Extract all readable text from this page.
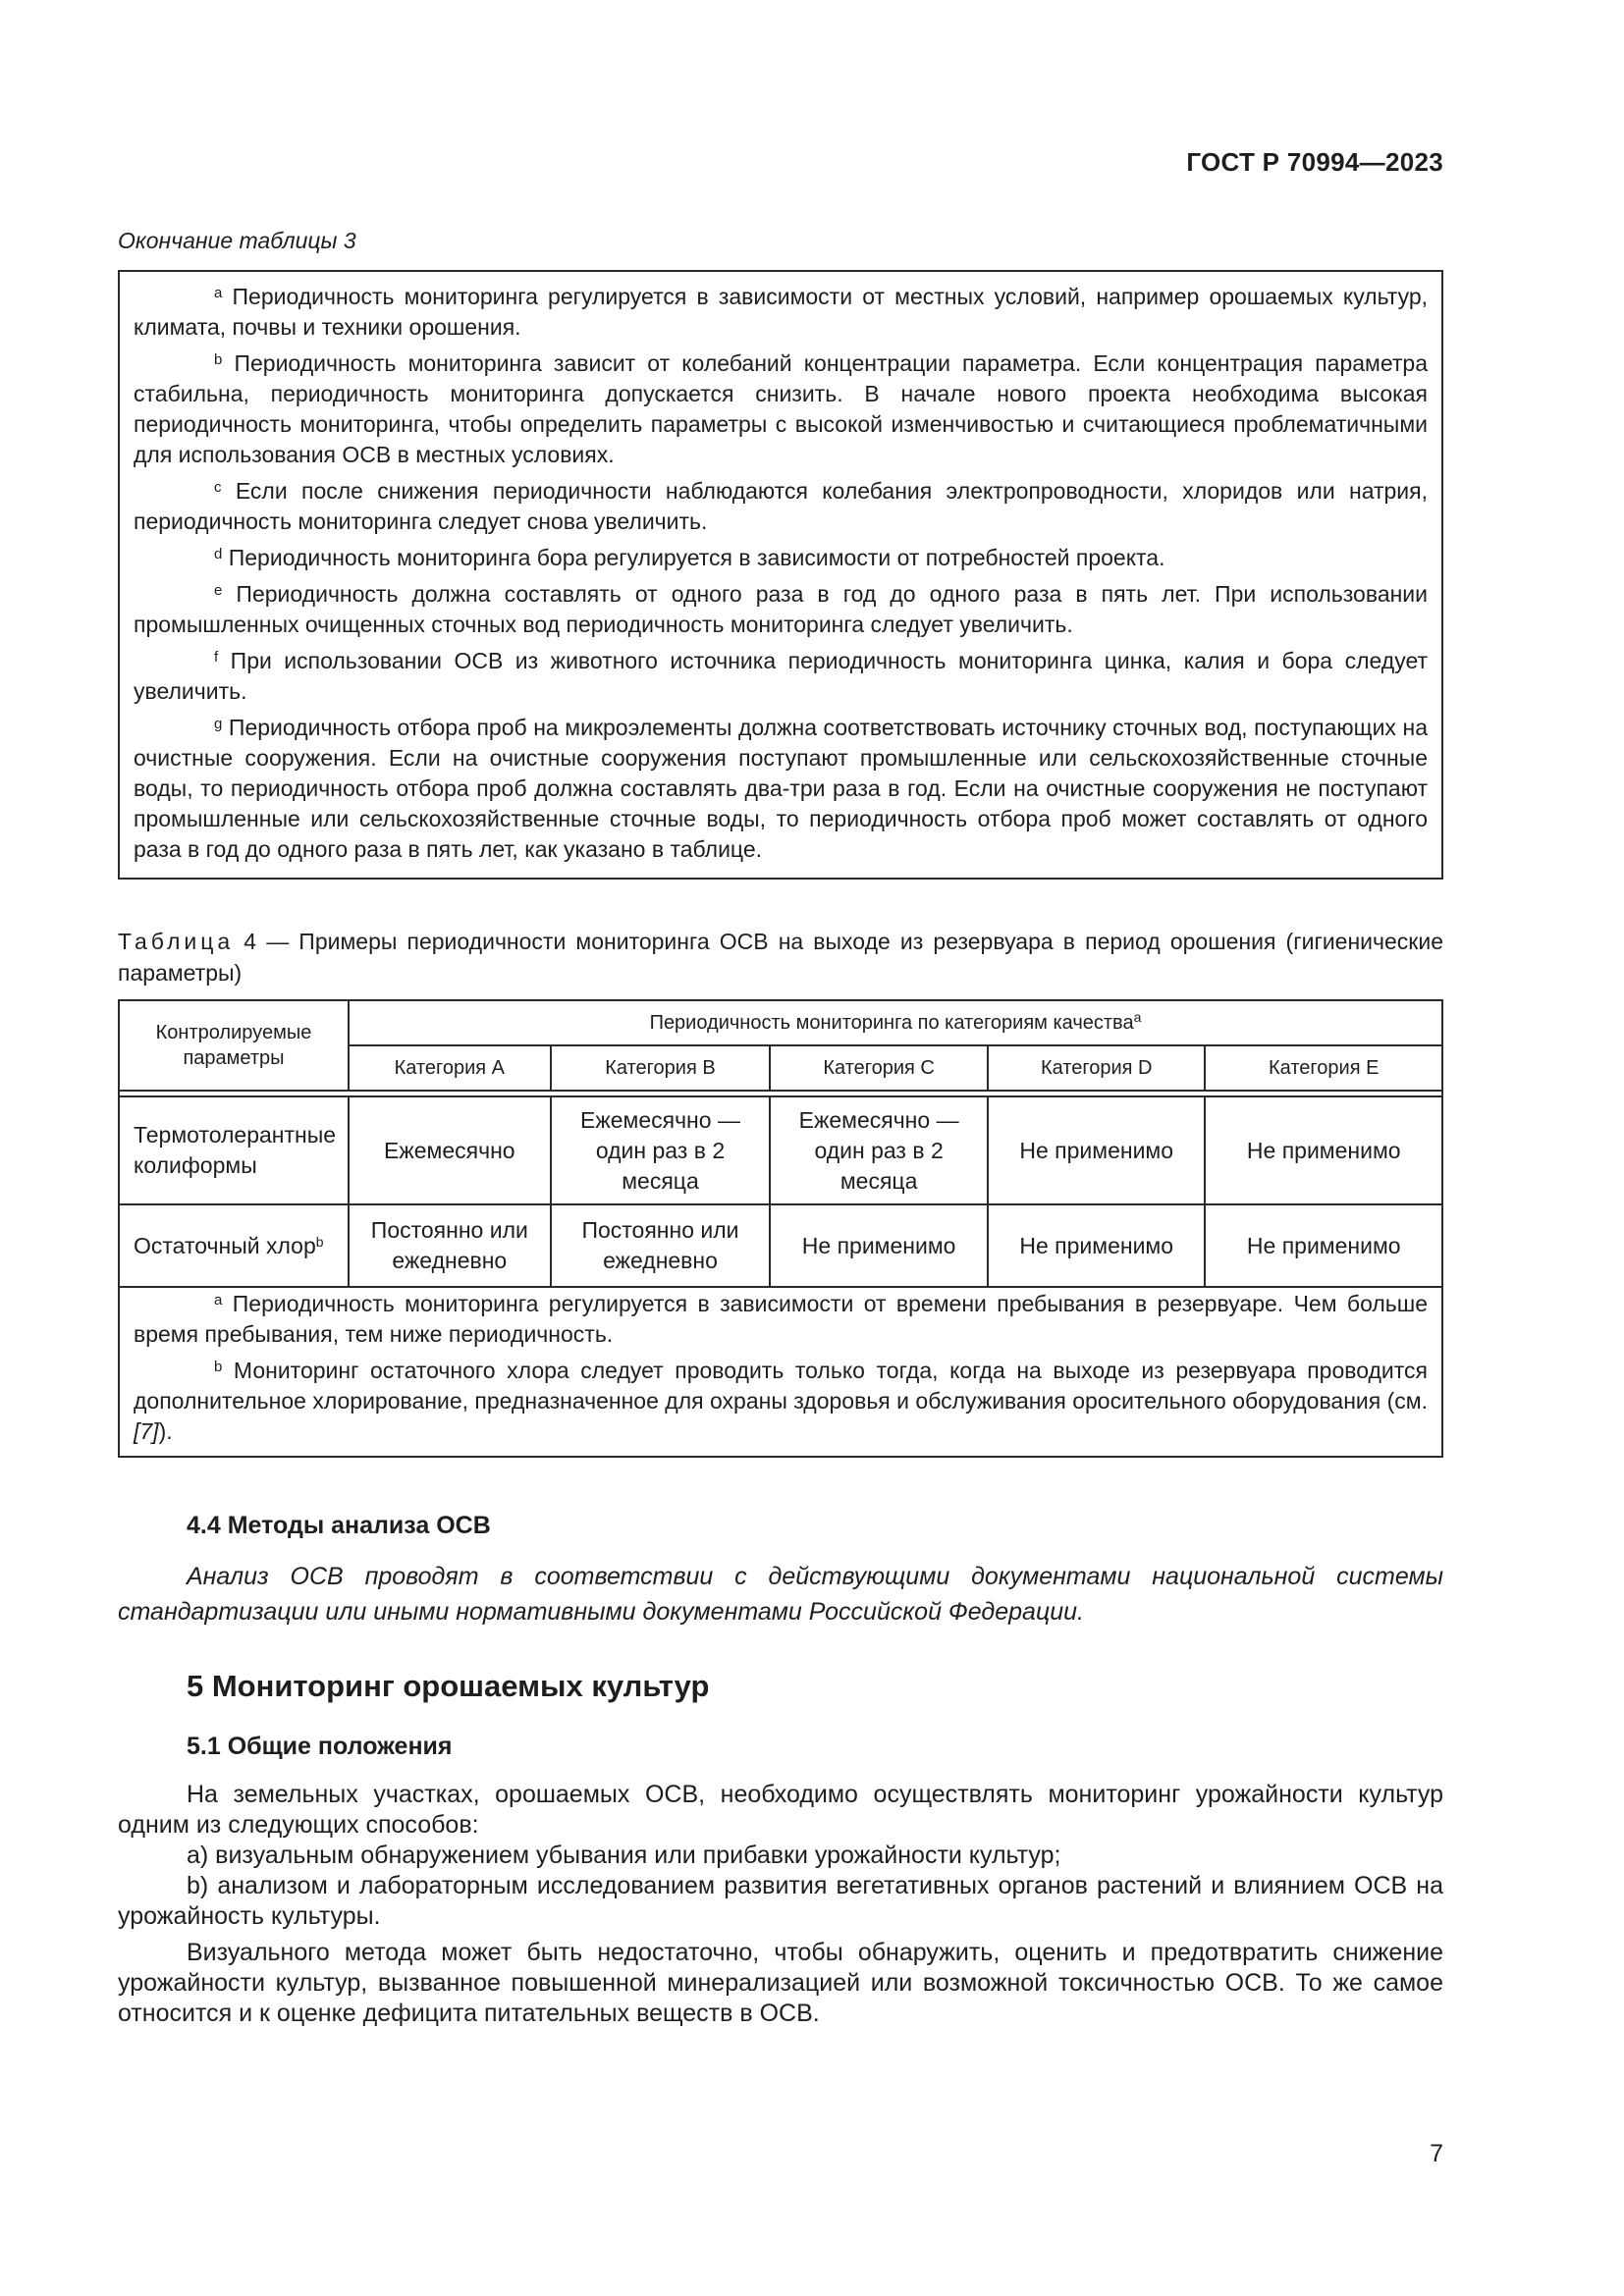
ГОСТ Р 70994—2023
Окончание таблицы 3

$^a$ Периодичность мониторинга регулируется в зависимости от местных условий, например орошаемых культур, климата, почвы и техники орошения.

$^b$ Периодичность мониторинга зависит от колебаний концентрации параметра. Если концентрация параметра стабильна, периодичность мониторинга допускается снизить. В начале нового проекта необходима высокая периодичность мониторинга, чтобы определить параметры с высокой изменчивостью и считающиеся проблематичными для использования ОСВ в местных условиях.

$^c$ Если после снижения периодичности наблюдаются колебания электропроводности, хлоридов или натрия, периодичность мониторинга следует снова увеличить.

$^d$ Периодичность мониторинга бора регулируется в зависимости от потребностей проекта.

$^e$ Периодичность должна составлять от одного раза в год до одного раза в пять лет. При использовании промышленных очищенных сточных вод периодичность мониторинга следует увеличить.

$^f$ При использовании ОСВ из животного источника периодичность мониторинга цинка, калия и бора следует увеличить.

$^g$ Периодичность отбора проб на микроэлементы должна соответствовать источнику сточных вод, поступающих на очистные сооружения. Если на очистные сооружения поступают промышленные или сельскохозяйственные сточные воды, то периодичность отбора проб должна составлять два-три раза в год. Если на очистные сооружения не поступают промышленные или сельскохозяйственные сточные воды, то периодичность отбора проб может составлять от одного раза в год до одного раза в пять лет, как указано в таблице.

Таблица 4 — Примеры периодичности мониторинга ОСВ на выходе из резервуара в период орошения (гигиенические параметры)
Контролируемые параметры	Периодичность мониторинга по категориям качества$^a$
	Категория A	Категория B	Категория C	Категория D	Категория E

Термотолерантные колиформы	Ежемесячно	Ежемесячно — один раз в 2 месяца	Ежемесячно — один раз в 2 месяца	Не применимо	Не применимо
Остаточный хлор$^b$	Постоянно или ежедневно	Постоянно или ежедневно	Не применимо	Не применимо	Не применимо

$^a$ Периодичность мониторинга регулируется в зависимости от времени пребывания в резервуаре. Чем больше время пребывания, тем ниже периодичность.

$^b$ Мониторинг остаточного хлора следует проводить только тогда, когда на выходе из резервуара проводится дополнительное хлорирование, предназначенное для охраны здоровья и обслуживания оросительного оборудования (см. [7]).

4.4 Методы анализа ОСВ

Анализ ОСВ проводят в соответствии с действующими документами национальной системы стандартизации или иными нормативными документами Российской Федерации.

5 Мониторинг орошаемых культур
5.1 Общие положения

На земельных участках, орошаемых ОСВ, необходимо осуществлять мониторинг урожайности культур одним из следующих способов:

а) визуальным обнаружением убывания или прибавки урожайности культур;

b) анализом и лабораторным исследованием развития вегетативных органов растений и влиянием ОСВ на урожайность культуры.

Визуального метода может быть недостаточно, чтобы обнаружить, оценить и предотвратить снижение урожайности культур, вызванное повышенной минерализацией или возможной токсичностью ОСВ. То же самое относится и к оценке дефицита питательных веществ в ОСВ.

7
